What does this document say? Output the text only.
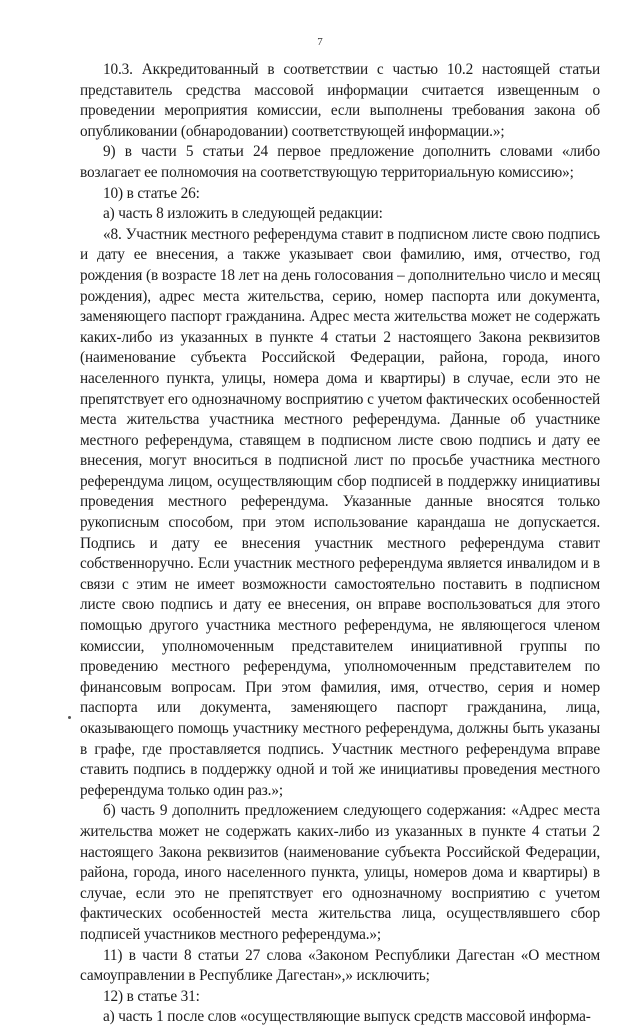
7

10.3. Аккредитованный в соответствии с частью 10.2 настоящей статьи представитель средства массовой информации считается извещенным о проведении мероприятия комиссии, если выполнены требования закона об опубликовании (обнародовании) соответствующей информации.»;

9) в части 5 статьи 24 первое предложение дополнить словами «либо возлагает ее полномочия на соответствующую территориальную комиссию»;

10) в статье 26:

а) часть 8 изложить в следующей редакции:

«8. Участник местного референдума ставит в подписном листе свою подпись и дату ее внесения, а также указывает свои фамилию, имя, отчество, год рождения (в возрасте 18 лет на день голосования – дополнительно число и месяц рождения), адрес места жительства, серию, номер паспорта или документа, заменяющего паспорт гражданина. Адрес места жительства может не содержать каких-либо из указанных в пункте 4 статьи 2 настоящего Закона реквизитов (наименование субъекта Российской Федерации, района, города, иного населенного пункта, улицы, номера дома и квартиры) в случае, если это не препятствует его однозначному восприятию с учетом фактических особенностей места жительства участника местного референдума. Данные об участнике местного референдума, ставящем в подписном листе свою подпись и дату ее внесения, могут вноситься в подписной лист по просьбе участника местного референдума лицом, осуществляющим сбор подписей в поддержку инициативы проведения местного референдума. Указанные данные вносятся только рукописным способом, при этом использование карандаша не допускается. Подпись и дату ее внесения участник местного референдума ставит собственноручно. Если участник местного референдума является инвалидом и в связи с этим не имеет возможности самостоятельно поставить в подписном листе свою подпись и дату ее внесения, он вправе воспользоваться для этого помощью другого участника местного референдума, не являющегося членом комиссии, уполномоченным представителем инициативной группы по проведению местного референдума, уполномоченным представителем по финансовым вопросам. При этом фамилия, имя, отчество, серия и номер паспорта или документа, заменяющего паспорт гражданина, лица, оказывающего помощь участнику местного референдума, должны быть указаны в графе, где проставляется подпись. Участник местного референдума вправе ставить подпись в поддержку одной и той же инициативы проведения местного референдума только один раз.»;

б) часть 9 дополнить предложением следующего содержания: «Адрес места жительства может не содержать каких-либо из указанных в пункте 4 статьи 2 настоящего Закона реквизитов (наименование субъекта Российской Федерации, района, города, иного населенного пункта, улицы, номеров дома и квартиры) в случае, если это не препятствует его однозначному восприятию с учетом фактических особенностей места жительства лица, осуществлявшего сбор подписей участников местного референдума.»;

11) в части 8 статьи 27 слова «Законом Республики Дагестан «О местном самоуправлении в Республике Дагестан»,» исключить;

12) в статье 31:

а) часть 1 после слов «осуществляющие выпуск средств массовой информа-
